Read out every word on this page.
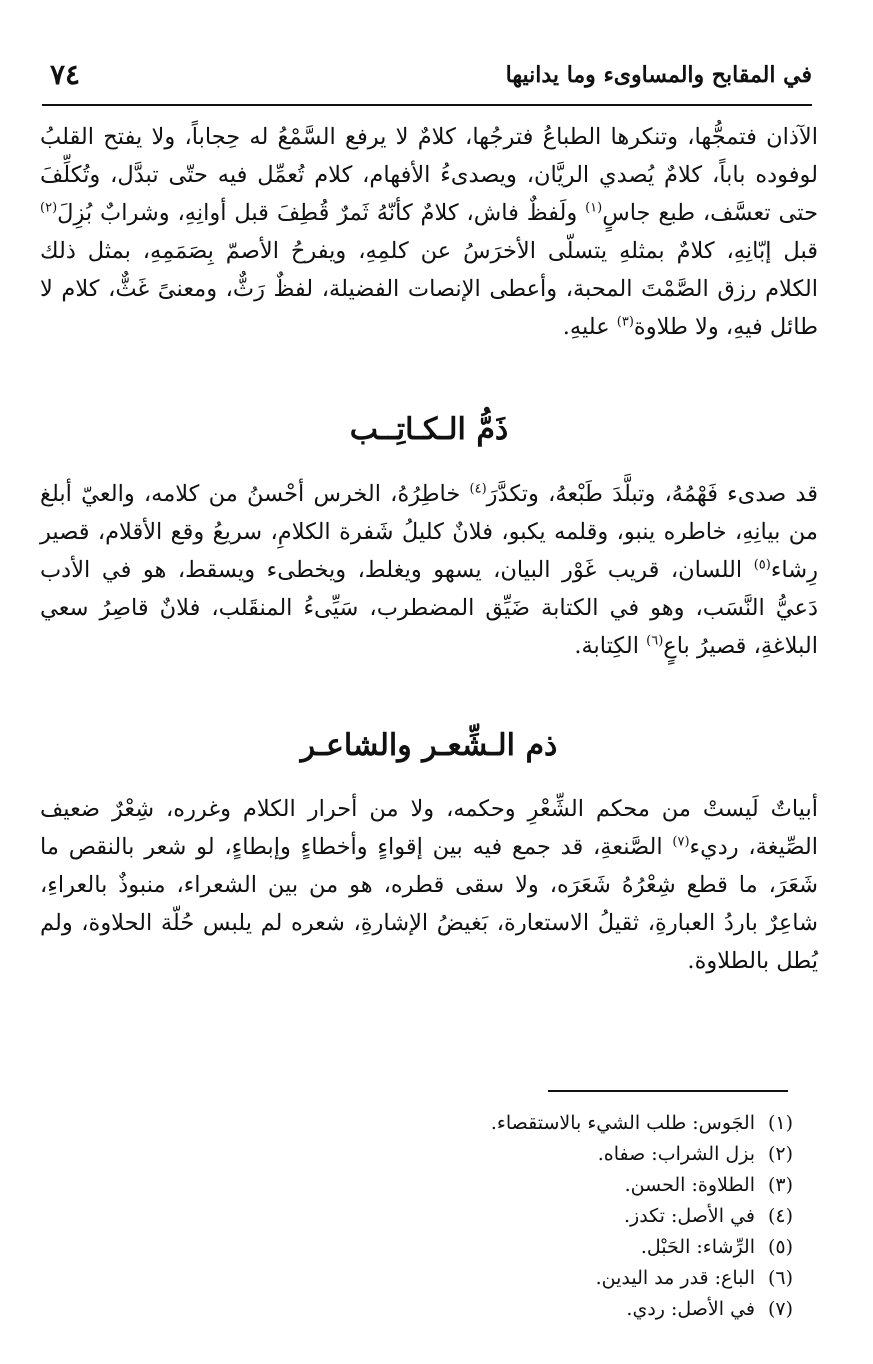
في المقابح والمساوىء وما يدانيها
٧٤
الآذان فتمجُّها، وتنكرها الطباعُ فترجُها، كلامٌ لا يرفع السَّمْعُ له حِجاباً، ولا يفتح القلبُ لوفوده باباً، كلامٌ يُصدي الريَّان، ويصدىءُ الأفهام، كلام تُعمِّل فيه حتّى تبدَّل، وتُكلِّفَ حتى تعسَّف، طبع جاسٍ$^{(١)}$ ولَفظٌ فاش، كلامٌ كأنّهُ ثَمرٌ قُطِفَ قبل أوانِهِ، وشرابٌ بُزِلَ$^{(٢)}$ قبل إبّانِهِ، كلامٌ بمثلهِ يتسلّى الأخرَسُ عن كلمِهِ، ويفرحُ الأصمّ بِصَمَمِهِ، بمثل ذلك الكلام رزق الصَّمْتَ المحبة، وأعطى الإنصات الفضيلة، لفظٌ رَثٌّ، ومعنىً غَثٌّ، كلام لا طائل فيهِ، ولا طلاوة$^{(٣)}$ عليهِ.
ذَمُّ الـكـاتِــب
قد صدىء فَهْمُهُ، وتبلَّدَ طَبْعهُ، وتكدَّرَ$^{(٤)}$ خاطِرُهُ، الخرس أحْسنُ من كلامه، والعيّ أبلغ من بيانِهِ، خاطره ينبو، وقلمه يكبو، فلانٌ كليلُ شَفرة الكلامِ، سريعُ وقع الأقلام، قصير رِشاء$^{(٥)}$ اللسان، قريب غَوْر البيان، يسهو ويغلط، ويخطىء ويسقط، هو في الأدب دَعيُّ النَّسَب، وهو في الكتابة ضَيِّق المضطرب، سَيِّىءُ المنقَلب، فلانٌ قاصِرُ سعي البلاغةِ، قصيرُ باعٍ$^{(٦)}$ الكِتابة.
ذم الـشِّعـر والشاعـر
أبياتٌ لَيستْ من محكم الشِّعْرِ وحكمه، ولا من أحرار الكلام وغرره، شِعْرٌ ضعيف الصِّيغة، رديء$^{(٧)}$ الصَّنعةِ، قد جمع فيه بين إقواءٍ وأخطاءٍ وإبطاءٍ، لو شعر بالنقص ما شَعَرَ، ما قطع شِعْرُهُ شَعَرَه، ولا سقى قطره، هو من بين الشعراء، منبوذٌ بالعراءِ، شاعِرٌ باردُ العبارةِ، ثقيلُ الاستعارة، بَغيضُ الإشارةِ، شعره لم يلبس حُلّة الحلاوة، ولم يُطل بالطلاوة.
(١)الجَوس: طلب الشيء بالاستقصاء.
(٢)بزل الشراب: صفاه.
(٣)الطلاوة: الحسن.
(٤)في الأصل: تكدز.
(٥)الرِّشاء: الحَبْل.
(٦)الباع: قدر مد اليدين.
(٧)في الأصل: ردي.
